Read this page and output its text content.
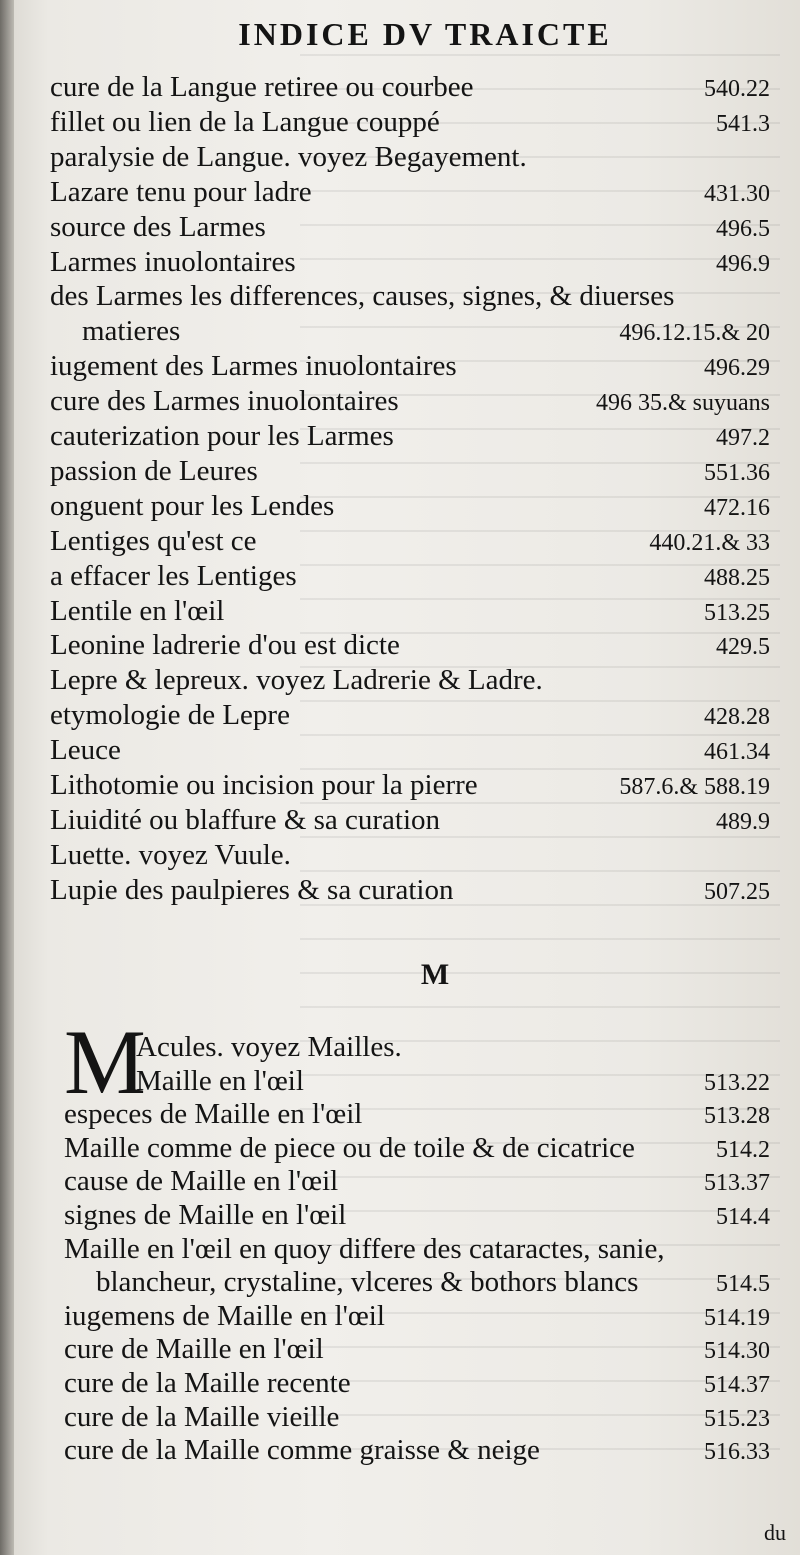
INDICE DV TRAICTE
cure de la Langue retiree ou courbee	540.22
fillet ou lien de la Langue couppé	541.3
paralysie de Langue. voyez Begayement.
Lazare tenu pour ladre	431.30
source des Larmes	496.5
Larmes inuolontaires	496.9
des Larmes les differences, causes, signes, & diuerses
matieres	496.12.15.& 20
iugement des Larmes inuolontaires	496.29
cure des Larmes inuolontaires	496 35.& suyuans
cauterization pour les Larmes	497.2
passion de Leures	551.36
onguent pour les Lendes	472.16
Lentiges qu'est ce	440.21.& 33
a effacer les Lentiges	488.25
Lentile en l'œil	513.25
Leonine ladrerie d'ou est dicte	429.5
Lepre & lepreux. voyez Ladrerie & Ladre.
etymologie de Lepre	428.28
Leuce	461.34
Lithotomie ou incision pour la pierre	587.6.& 588.19
Liuidité ou blaffure & sa curation	489.9
Luette. voyez Vuule.
Lupie des paulpieres & sa curation	507.25
Acules. voyez Mailles.
Maille en l'œil	513.22
especes de Maille en l'œil	513.28
Maille comme de piece ou de toile & de cicatrice	514.2
cause de Maille en l'œil	513.37
signes de Maille en l'œil	514.4
Maille en l'œil en quoy differe des cataractes, sanie,
blancheur, crystaline, vlceres & bothors blancs	514.5
iugemens de Maille en l'œil	514.19
cure de Maille en l'œil	514.30
cure de la Maille recente	514.37
cure de la Maille vieille	515.23
cure de la Maille comme graisse & neige	516.33
M
M
du
